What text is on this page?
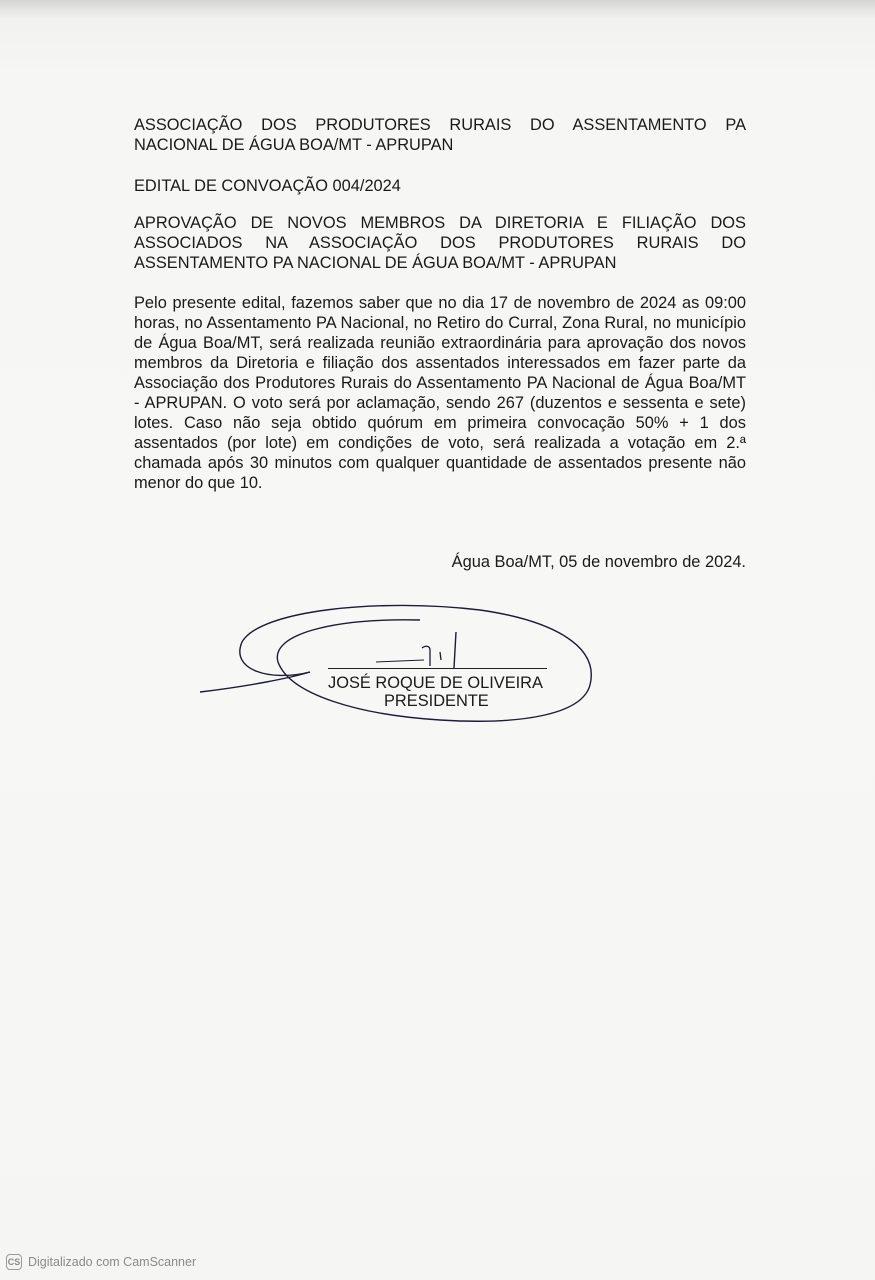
ASSOCIAÇÃO DOS PRODUTORES RURAIS DO ASSENTAMENTO PA NACIONAL DE ÁGUA BOA/MT - APRUPAN
EDITAL DE CONVOAÇÃO 004/2024
APROVAÇÃO DE NOVOS MEMBROS DA DIRETORIA E FILIAÇÃO DOS ASSOCIADOS NA ASSOCIAÇÃO DOS PRODUTORES RURAIS DO ASSENTAMENTO PA NACIONAL DE ÁGUA BOA/MT - APRUPAN
Pelo presente edital, fazemos saber que no dia 17 de novembro de 2024 as 09:00 horas, no Assentamento PA Nacional, no Retiro do Curral, Zona Rural, no município de Água Boa/MT, será realizada reunião extraordinária para aprovação dos novos membros da Diretoria e filiação dos assentados interessados em fazer parte da Associação dos Produtores Rurais do Assentamento PA Nacional de Água Boa/MT - APRUPAN. O voto será por aclamação, sendo 267 (duzentos e sessenta e sete) lotes. Caso não seja obtido quórum em primeira convocação 50% + 1 dos assentados (por lote) em condições de voto, será realizada a votação em 2.ª chamada após 30 minutos com qualquer quantidade de assentados presente não menor do que 10.
Água Boa/MT, 05 de novembro de 2024.
JOSÉ ROQUE DE OLIVEIRA
PRESIDENTE
CS Digitalizado com CamScanner
